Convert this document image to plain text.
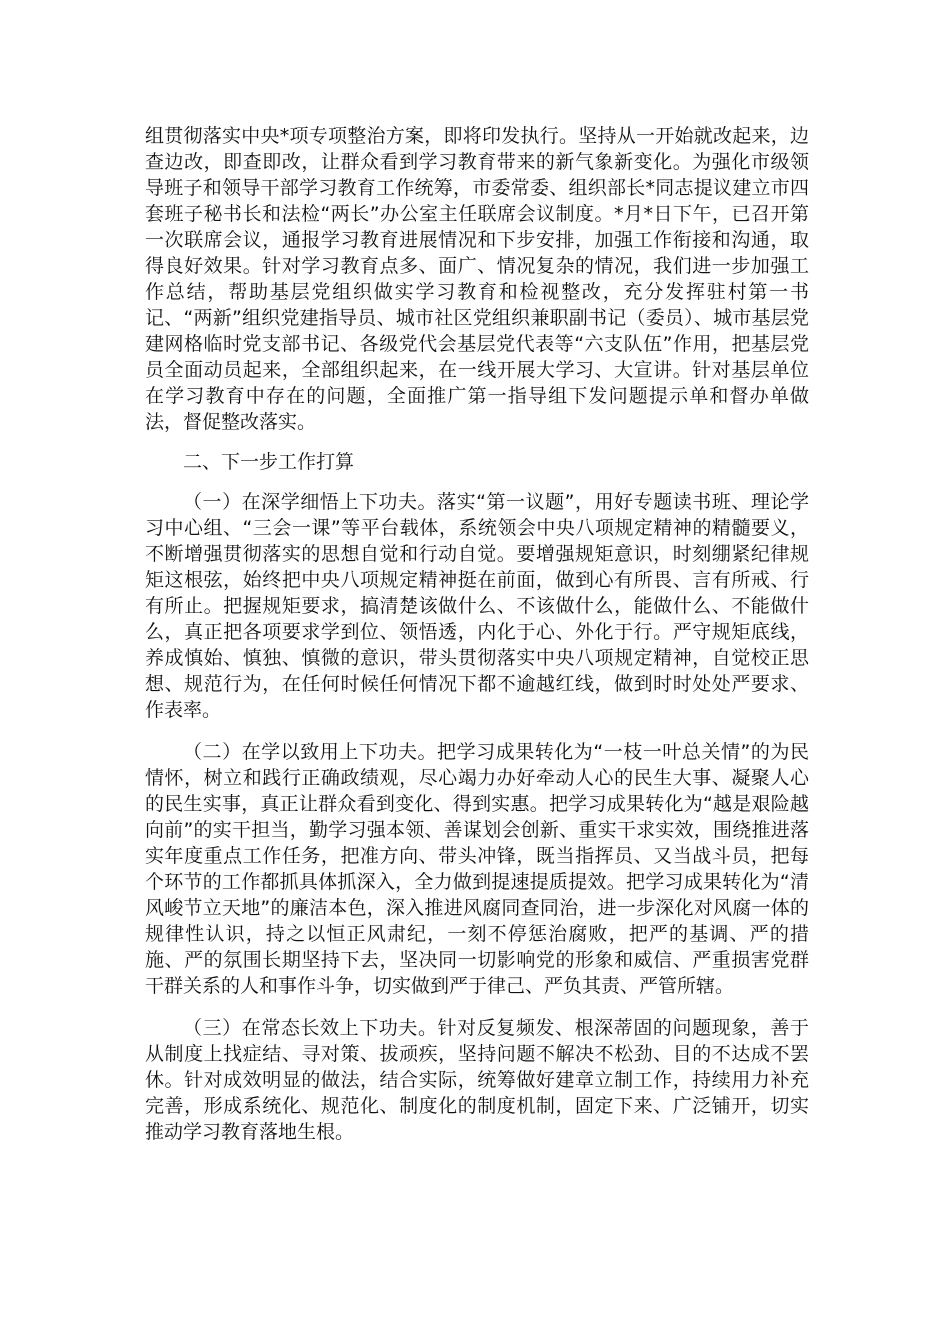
组贯彻落实中央*项专项整治方案，即将印发执行。坚持从一开始就改起来，边查边改，即查即改，让群众看到学习教育带来的新气象新变化。为强化市级领导班子和领导干部学习教育工作统筹，市委常委、组织部长*同志提议建立市四套班子秘书长和法检“两长”办公室主任联席会议制度。*月*日下午，已召开第一次联席会议，通报学习教育进展情况和下步安排，加强工作衔接和沟通，取得良好效果。针对学习教育点多、面广、情况复杂的情况，我们进一步加强工作总结，帮助基层党组织做实学习教育和检视整改，充分发挥驻村第一书记、“两新”组织党建指导员、城市社区党组织兼职副书记（委员）、城市基层党建网格临时党支部书记、各级党代会基层党代表等“六支队伍”作用，把基层党员全面动员起来，全部组织起来，在一线开展大学习、大宣讲。针对基层单位在学习教育中存在的问题，全面推广第一指导组下发问题提示单和督办单做法，督促整改落实。

二、下一步工作打算

（一）在深学细悟上下功夫。落实“第一议题”，用好专题读书班、理论学习中心组、“三会一课”等平台载体，系统领会中央八项规定精神的精髓要义，不断增强贯彻落实的思想自觉和行动自觉。要增强规矩意识，时刻绷紧纪律规矩这根弦，始终把中央八项规定精神挺在前面，做到心有所畏、言有所戒、行有所止。把握规矩要求，搞清楚该做什么、不该做什么，能做什么、不能做什么，真正把各项要求学到位、领悟透，内化于心、外化于行。严守规矩底线，养成慎始、慎独、慎微的意识，带头贯彻落实中央八项规定精神，自觉校正思想、规范行为，在任何时候任何情况下都不逾越红线，做到时时处处严要求、作表率。

（二）在学以致用上下功夫。把学习成果转化为“一枝一叶总关情”的为民情怀，树立和践行正确政绩观，尽心竭力办好牵动人心的民生大事、凝聚人心的民生实事，真正让群众看到变化、得到实惠。把学习成果转化为“越是艰险越向前”的实干担当，勤学习强本领、善谋划会创新、重实干求实效，围绕推进落实年度重点工作任务，把准方向、带头冲锋，既当指挥员、又当战斗员，把每个环节的工作都抓具体抓深入，全力做到提速提质提效。把学习成果转化为“清风峻节立天地”的廉洁本色，深入推进风腐同查同治，进一步深化对风腐一体的规律性认识，持之以恒正风肃纪，一刻不停惩治腐败，把严的基调、严的措施、严的氛围长期坚持下去，坚决同一切影响党的形象和威信、严重损害党群干群关系的人和事作斗争，切实做到严于律己、严负其责、严管所辖。

（三）在常态长效上下功夫。针对反复频发、根深蒂固的问题现象，善于从制度上找症结、寻对策、拔顽疾，坚持问题不解决不松劲、目的不达成不罢休。针对成效明显的做法，结合实际，统筹做好建章立制工作，持续用力补充完善，形成系统化、规范化、制度化的制度机制，固定下来、广泛铺开，切实推动学习教育落地生根。
